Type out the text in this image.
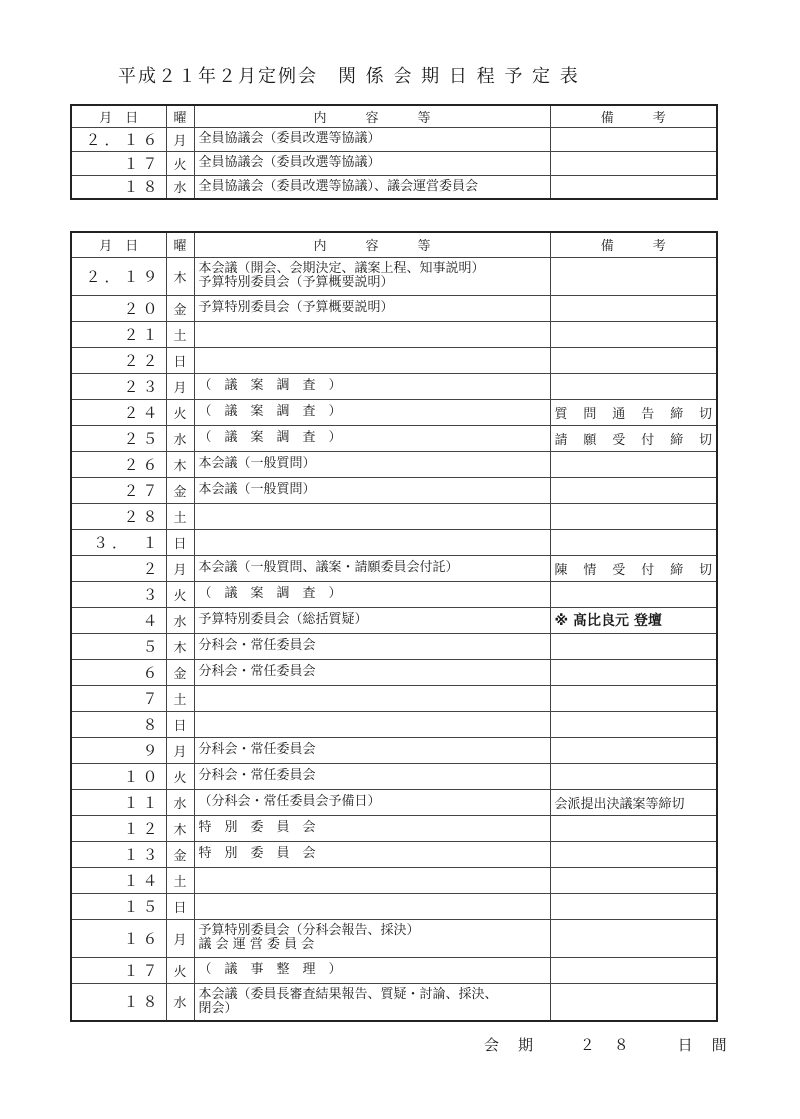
平成２１年２月定例会　関 係 会 期 日 程 予 定 表
月　日	曜	内　　　容　　　等	備　　　考
２．１６	月	全員協議会（委員改選等協議）	
１７	火	全員協議会（委員改選等協議）	
１８	水	全員協議会（委員改選等協議）、議会運営委員会	
月　日	曜	内　　　容　　　等	備　　　考
２．１９	木	本会議（開会、会期決定、議案上程、知事説明）
予算特別委員会（予算概要説明）	

２０	金	予算特別委員会（予算概要説明）	
２１	土		
２２	日		
２３	月	（　議　案　調　査　）	
２４	火	（　議　案　調　査　）	質問通告締切
２５	水	（　議　案　調　査　）	請願受付締切
２６	木	本会議（一般質問）	
２７	金	本会議（一般質問）	
２８	土		
３．　１	日		
２	月	本会議（一般質問、議案・請願委員会付託）	陳情受付締切
３	火	（　議　案　調　査　）	
４	水	予算特別委員会（総括質疑）	※ 髙比良元 登壇
５	木	分科会・常任委員会	
６	金	分科会・常任委員会	
７	土		
８	日		
９	月	分科会・常任委員会	
１０	火	分科会・常任委員会	
１１	水	（分科会・常任委員会予備日）	会派提出決議案等締切
１２	木	特　別　委　員　会	
１３	金	特　別　委　員　会	
１４	土		
１５	日		
１６	月	予算特別委員会（分科会報告、採決）
議 会 運 営 委 員 会	

１７	火	（　議　事　整　理　）	
１８	水	本会議（委員長審査結果報告、質疑・討論、採決、
閉会）	

会　期	２　８	日　間
